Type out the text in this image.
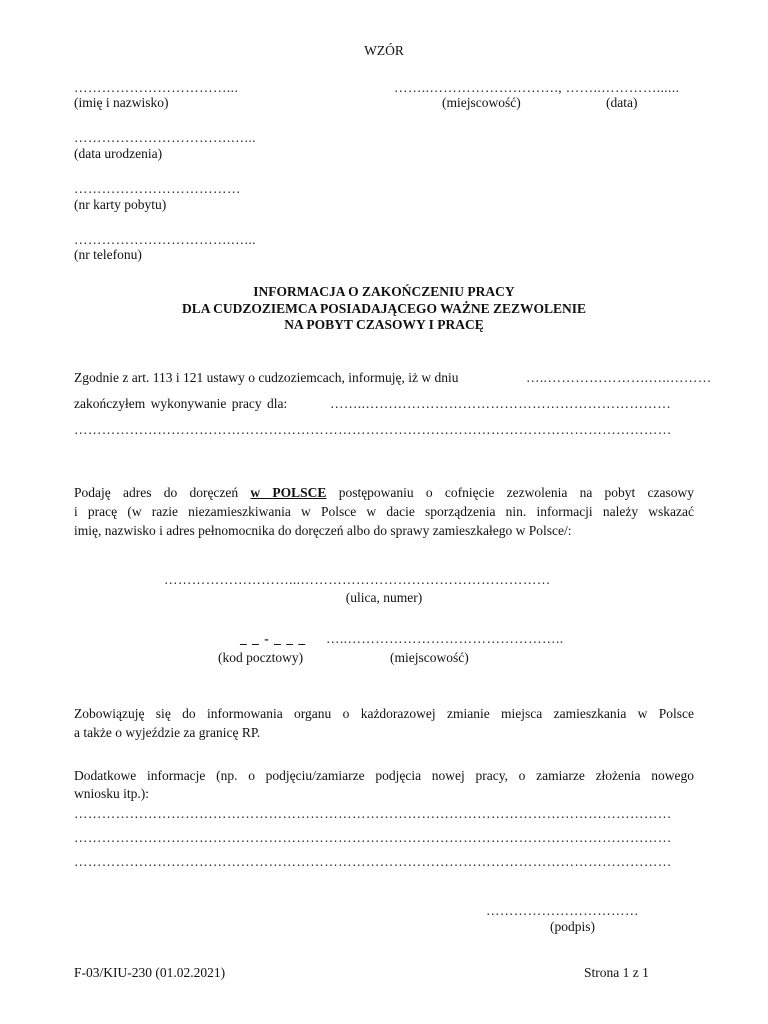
WZÓR
……………………………...
(imię i nazwisko)
……..………………………., ……..…………......
(miejscowość)	(data)
…………………………….…...
(data urodzenia)
………………………………
(nr karty pobytu)
…………………………….…...
(nr telefonu)
INFORMACJA O ZAKOŃCZENIU PRACY
DLA CUDZOZIEMCA POSIADAJĄCEGO WAŻNE ZEZWOLENIE
NA POBYT CZASOWY I PRACĘ
Zgodnie z art. 113 i 121 ustawy o cudzoziemcach, informuję, iż w dniu	…..………………….…..………
zakończyłem wykonywanie pracy dla:	……..…………………………………………………………
…………………………………………………………………………………………………………………
Podaję adres do doręczeń w POLSCE postępowaniu o cofnięcie zezwolenia na pobyt czasowy
i pracę (w razie niezamieszkiwania w Polsce w dacie sporządzenia nin. informacji należy wskazać
imię, nazwisko i adres pełnomocnika do doręczeń albo do sprawy zamieszkałego w Polsce/:
………………………...………………………………………………
(ulica, numer)
_ _ - _ _ _ …..………………………………………..
(kod pocztowy)	(miejscowość)
Zobowiązuję się do informowania organu o każdorazowej zmianie miejsca zamieszkania w Polsce
a także o wyjeździe za granicę RP.
Dodatkowe informacje (np. o podjęciu/zamiarze podjęcia nowej pracy, o zamiarze złożenia nowego
wniosku itp.):
…………………………………………………………………………………………………………………
…………………………………………………………………………………………………………………
…………………………………………………………………………………………………………………
……………………………
(podpis)
F-03/KIU-230 (01.02.2021)	Strona 1 z 1
